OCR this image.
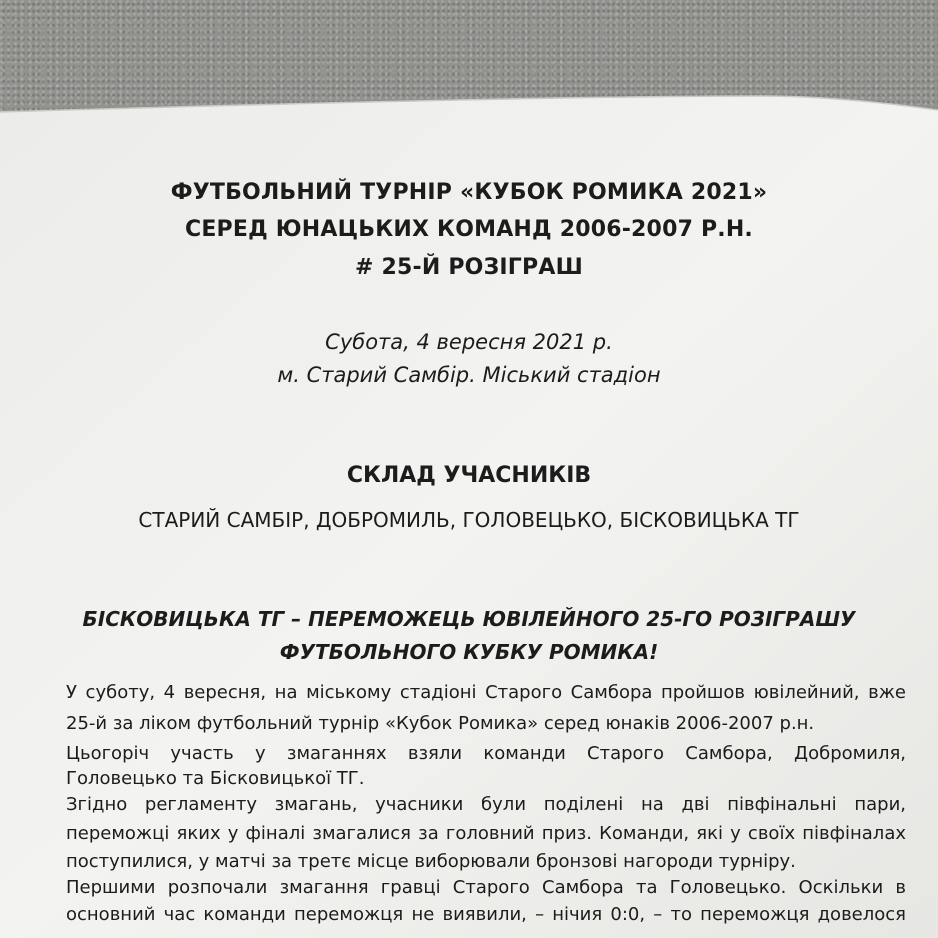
ФУТБОЛЬНИЙ ТУРНІР «КУБОК РОМИКА 2021»
СЕРЕД ЮНАЦЬКИХ КОМАНД 2006-2007 Р.Н.
# 25-Й РОЗІГРАШ
Субота, 4 вересня 2021 р.
м. Старий Самбір. Міський стадіон
СКЛАД УЧАСНИКІВ
СТАРИЙ САМБІР, ДОБРОМИЛЬ, ГОЛОВЕЦЬКО, БІСКОВИЦЬКА ТГ
БІСКОВИЦЬКА ТГ – ПЕРЕМОЖЕЦЬ ЮВІЛЕЙНОГО 25-ГО РОЗІГРАШУ
ФУТБОЛЬНОГО КУБКУ РОМИКА!
У суботу, 4 вересня, на міському стадіоні Старого Самбора пройшов ювілейний, вже
25-й за ліком футбольний турнір «Кубок Ромика» серед юнаків 2006-2007 р.н.
Цьогоріч участь у змаганнях взяли команди Старого Самбора, Добромиля,
Головецько та Бісковицької ТГ.
Згідно регламенту змагань, учасники були поділені на дві півфінальні пари,
переможці яких у фіналі змагалися за головний приз. Команди, які у своїх півфіналах
поступилися, у матчі за третє місце виборювали бронзові нагороди турніру.
Першими розпочали змагання гравці Старого Самбора та Головецько. Оскільки в
основний час команди переможця не виявили, – нічия 0:0, – то переможця довелося
